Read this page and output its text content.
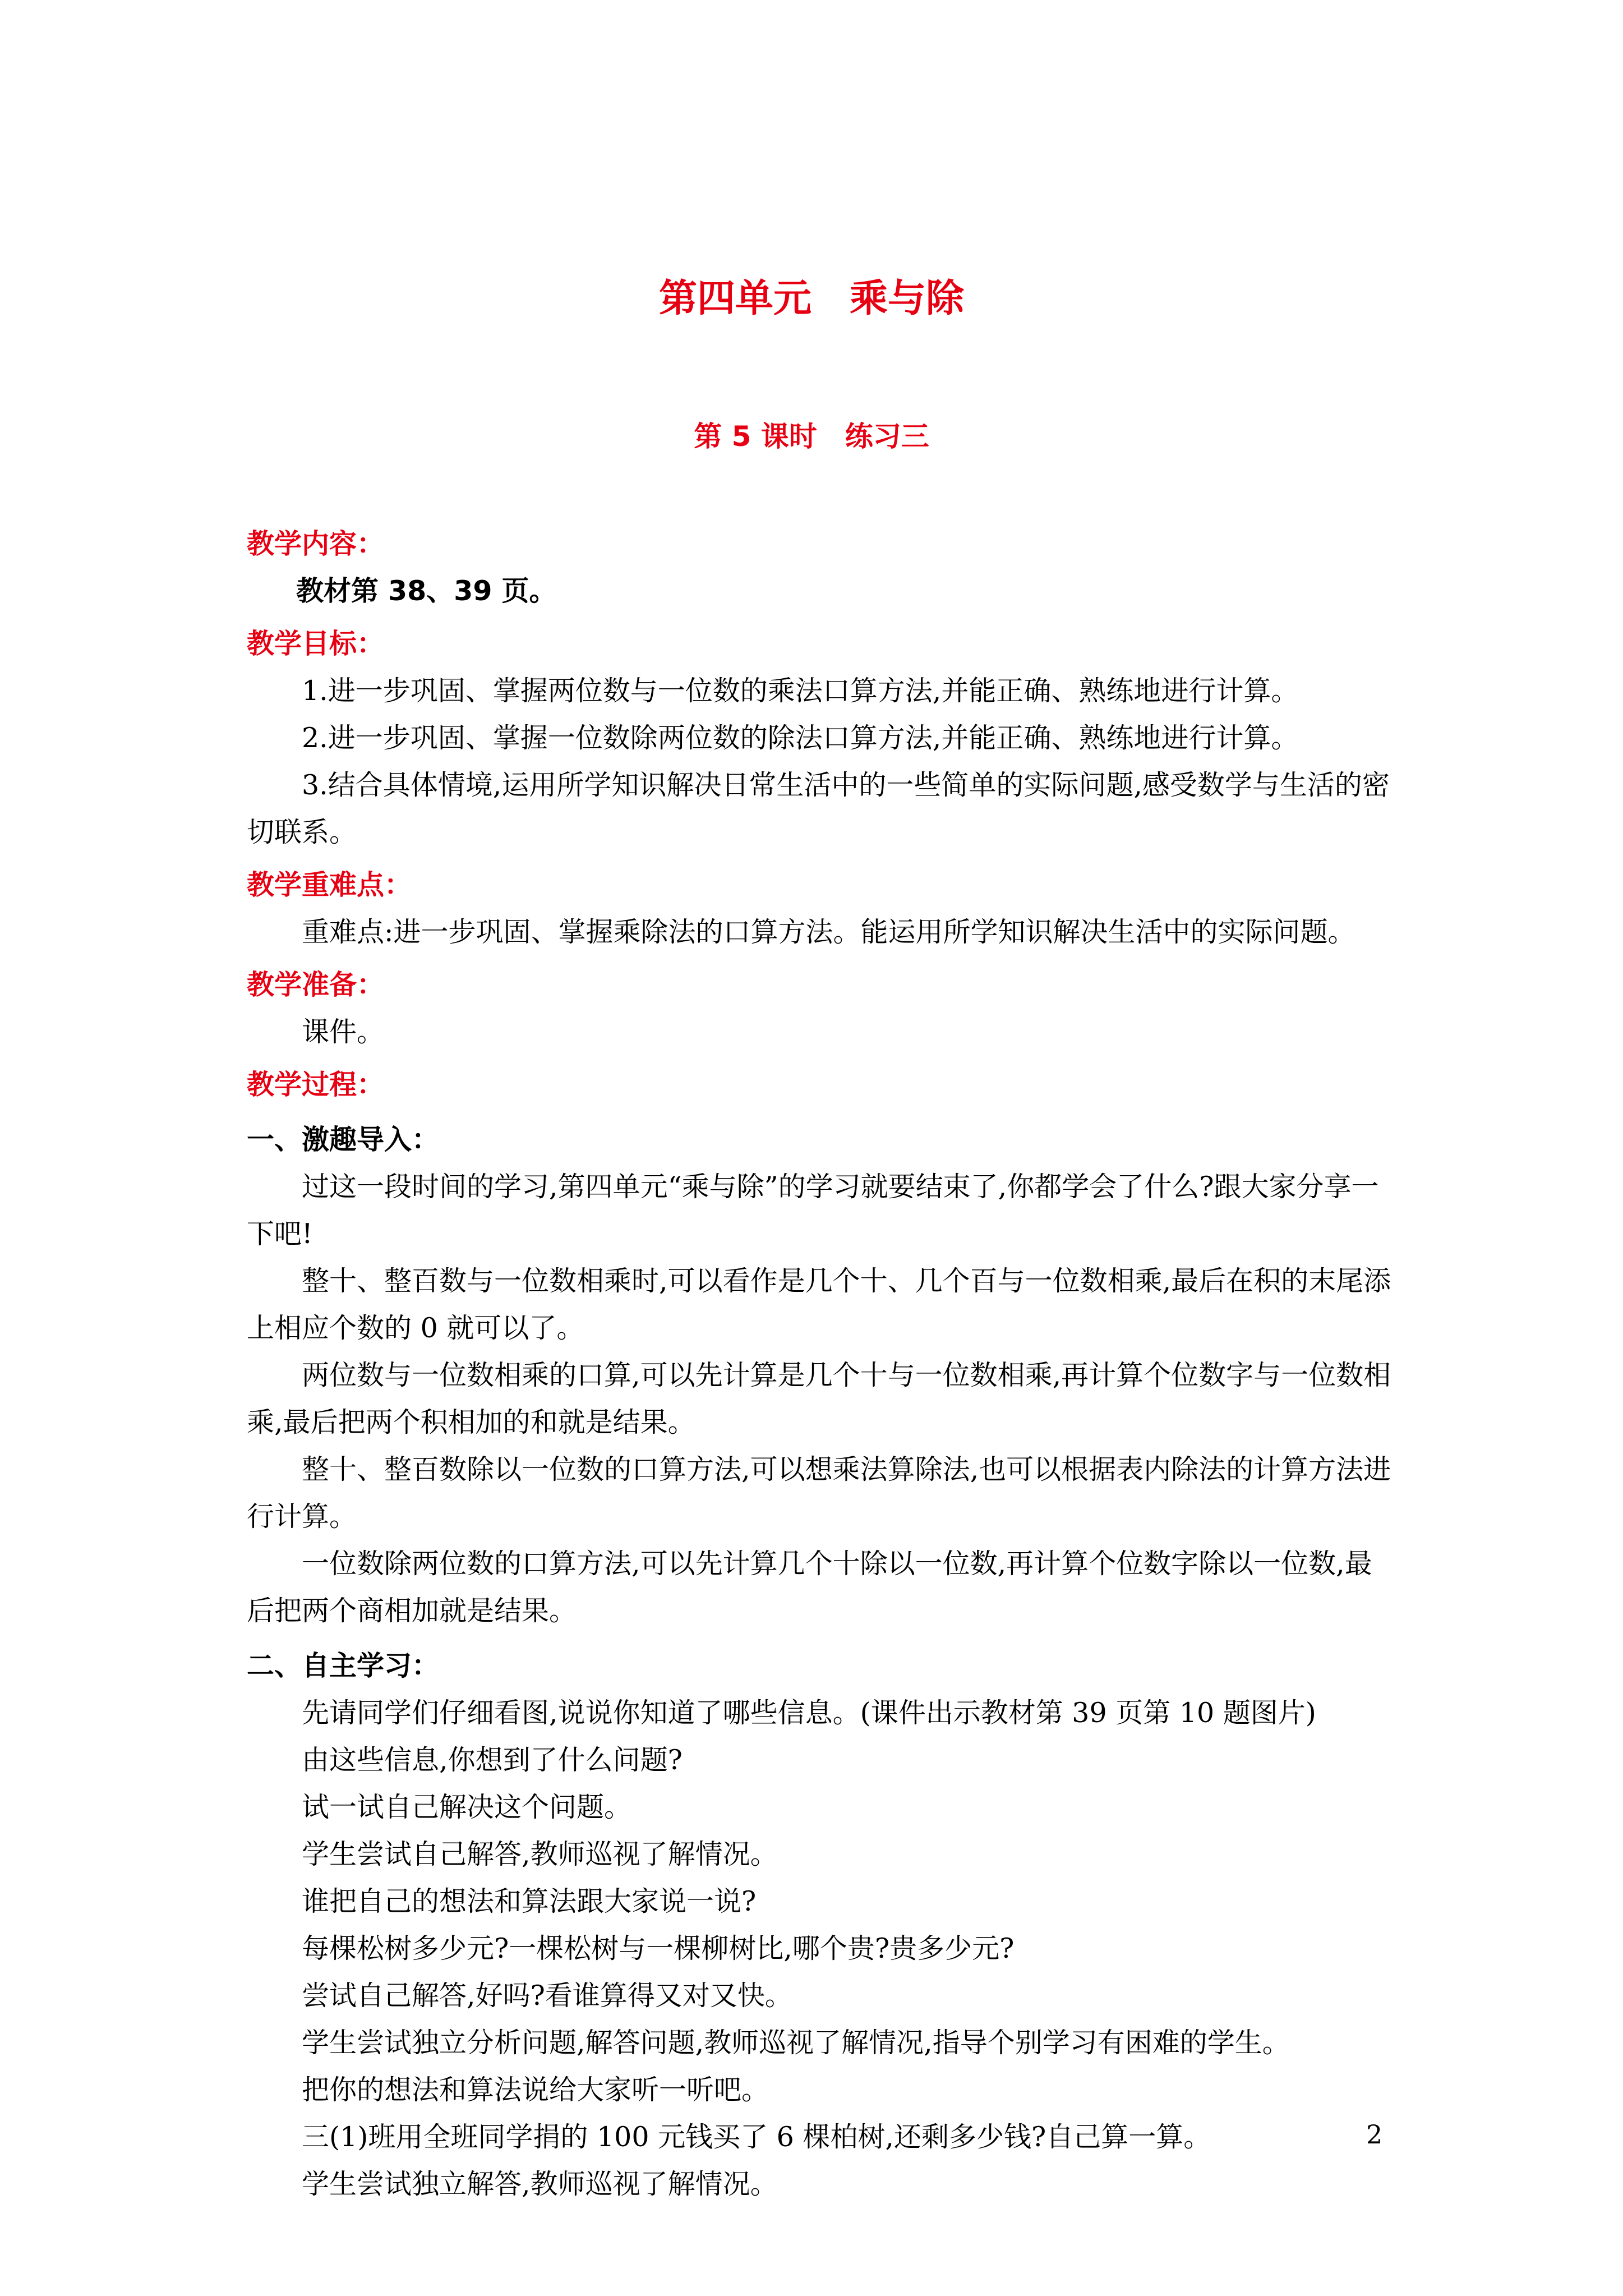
第四单元　乘与除
第 5 课时　练习三
教学内容：
教材第 38、39 页。
教学目标：
1.进一步巩固、掌握两位数与一位数的乘法口算方法,并能正确、熟练地进行计算。
2.进一步巩固、掌握一位数除两位数的除法口算方法,并能正确、熟练地进行计算。
3.结合具体情境,运用所学知识解决日常生活中的一些简单的实际问题,感受数学与生活的密切联系。
教学重难点：
重难点:进一步巩固、掌握乘除法的口算方法。能运用所学知识解决生活中的实际问题。
教学准备：
课件。
教学过程：
一、激趣导入：
过这一段时间的学习,第四单元“乘与除”的学习就要结束了,你都学会了什么?跟大家分享一下吧!
整十、整百数与一位数相乘时,可以看作是几个十、几个百与一位数相乘,最后在积的末尾添上相应个数的 0 就可以了。
两位数与一位数相乘的口算,可以先计算是几个十与一位数相乘,再计算个位数字与一位数相乘,最后把两个积相加的和就是结果。
整十、整百数除以一位数的口算方法,可以想乘法算除法,也可以根据表内除法的计算方法进行计算。
一位数除两位数的口算方法,可以先计算几个十除以一位数,再计算个位数字除以一位数,最后把两个商相加就是结果。
二、自主学习：
先请同学们仔细看图,说说你知道了哪些信息。(课件出示教材第 39 页第 10 题图片)
由这些信息,你想到了什么问题?
试一试自己解决这个问题。
学生尝试自己解答,教师巡视了解情况。
谁把自己的想法和算法跟大家说一说?
每棵松树多少元?一棵松树与一棵柳树比,哪个贵?贵多少元?
尝试自己解答,好吗?看谁算得又对又快。
学生尝试独立分析问题,解答问题,教师巡视了解情况,指导个别学习有困难的学生。
把你的想法和算法说给大家听一听吧。
三(1)班用全班同学捐的 100 元钱买了 6 棵柏树,还剩多少钱?自己算一算。
学生尝试独立解答,教师巡视了解情况。
2
